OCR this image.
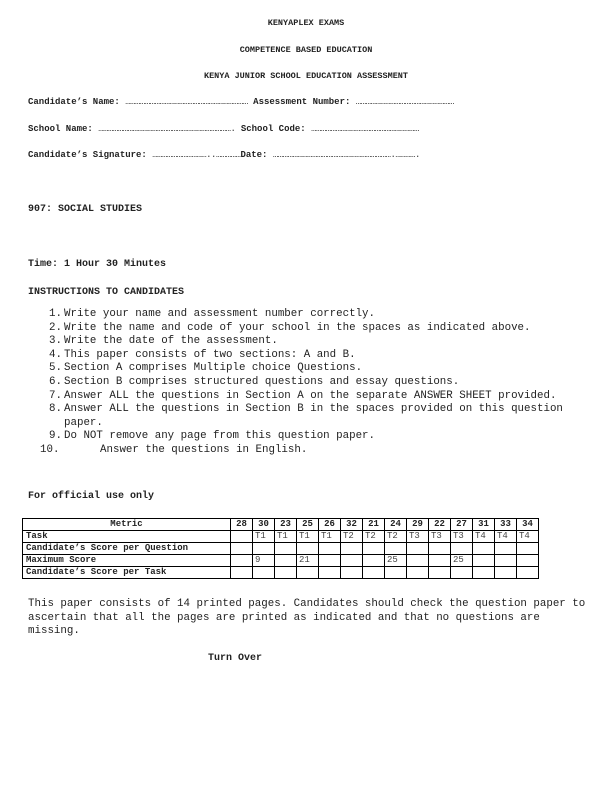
KENYAPLEX EXAMS
COMPETENCE BASED EDUCATION
KENYA JUNIOR SCHOOL EDUCATION ASSESSMENT
Candidate’s Name: ………………………………………………………………… Assessment Number: ……………………………………………………
School Name: ………………………………………………………………………. School Code: …………………………………………………………
Candidate’s Signature: ……………………………..……………Date: ……………………………………………………………….………….
907: SOCIAL STUDIES
Time: 1 Hour 30 Minutes
INSTRUCTIONS TO CANDIDATES
1. Write your name and assessment number correctly.
2. Write the name and code of your school in the spaces as indicated above.
3. Write the date of the assessment.
4. This paper consists of two sections: A and B.
5. Section A comprises Multiple choice Questions.
6. Section B comprises structured questions and essay questions.
7. Answer ALL the questions in Section A on the separate ANSWER SHEET provided.
8. Answer ALL the questions in Section B in the spaces provided on this question paper.
9. Do NOT remove any page from this question paper.
10.	Answer the questions in English.
For official use only
Metric	28	30	23	25	26	32	21	24	29	22	27	31	33	34
Task		T1	T1	T1	T1	T2	T2	T2	T3	T3	T3	T4	T4	T4
Candidate’s Score per Question														
Maximum Score		9		21				25			25			
Candidate’s Score per Task														
This paper consists of 14 printed pages. Candidates should check the question paper to ascertain that all the pages are printed as indicated and that no questions are missing.
Turn Over
